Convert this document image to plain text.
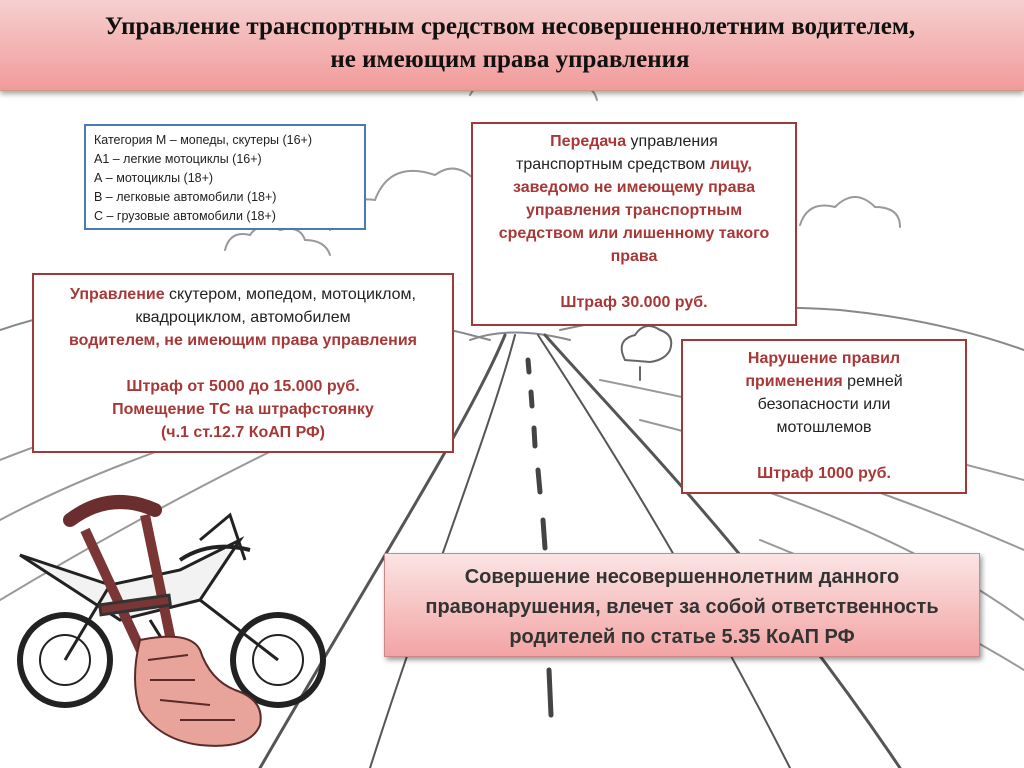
Управление транспортным средством несовершеннолетним водителем,
не имеющим права управления
Категория М – мопеды, скутеры (16+)
А1 – легкие мотоциклы (16+)
А – мотоциклы (18+)
В – легковые автомобили (18+)
С – грузовые автомобили (18+)
Управление скутером, мопедом, мотоциклом,
квадроциклом, автомобилем
водителем, не имеющим права управления
Штраф от 5000 до 15.000 руб.
Помещение ТС на штрафстоянку
(ч.1 ст.12.7 КоАП РФ)
Передача управления
транспортным средством лицу,
заведомо не имеющему права
управления транспортным
средством или лишенному такого
права
Штраф 30.000 руб.
Нарушение правил
применения ремней
безопасности или
мотошлемов
Штраф 1000 руб.
Совершение несовершеннолетним данного
правонарушения, влечет за собой ответственность
родителей по статье 5.35 КоАП РФ
